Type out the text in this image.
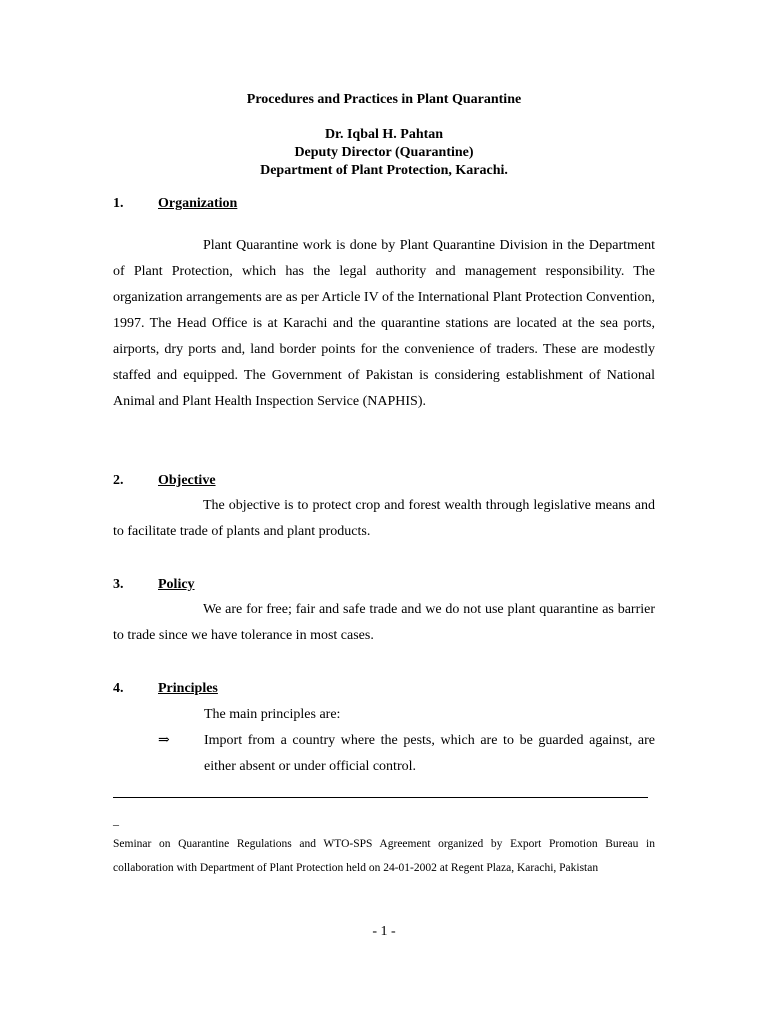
Procedures and Practices in Plant Quarantine
Dr. Iqbal H. Pahtan
Deputy Director (Quarantine)
Department of Plant Protection, Karachi.
1. Organization
Plant Quarantine work is done by Plant Quarantine Division in the Department of Plant Protection, which has the legal authority and management responsibility. The organization arrangements are as per Article IV of the International Plant Protection Convention, 1997. The Head Office is at Karachi and the quarantine stations are located at the sea ports, airports, dry ports and, land border points for the convenience of traders. These are modestly staffed and equipped. The Government of Pakistan is considering establishment of National Animal and Plant Health Inspection Service (NAPHIS).
2. Objective
The objective is to protect crop and forest wealth through legislative means and to facilitate trade of plants and plant products.
3. Policy
We are for free; fair and safe trade and we do not use plant quarantine as barrier to trade since we have tolerance in most cases.
4. Principles
The main principles are:
⇒ Import from a country where the pests, which are to be guarded against, are either absent or under official control.
–
Seminar on Quarantine Regulations and WTO-SPS Agreement organized by Export Promotion Bureau in collaboration with Department of Plant Protection held on 24-01-2002 at Regent Plaza, Karachi, Pakistan
- 1 -
